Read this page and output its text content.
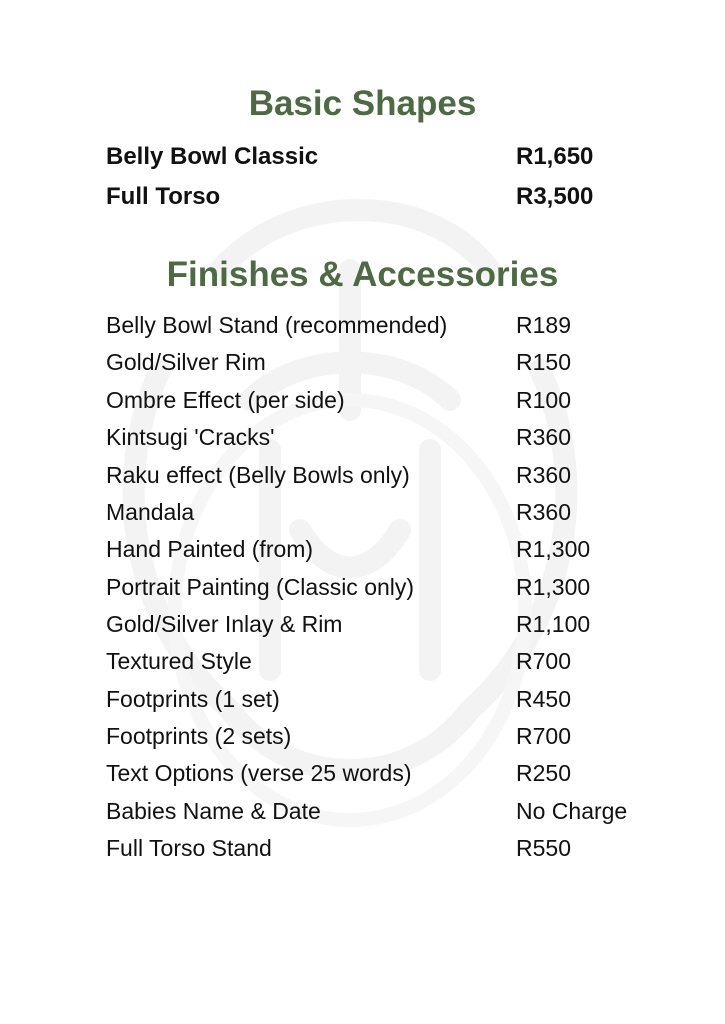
Basic Shapes
Belly Bowl Classic	R1,650
Full Torso	R3,500
Finishes & Accessories
Belly Bowl Stand (recommended)	R189
Gold/Silver Rim	R150
Ombre Effect (per side)	R100
Kintsugi 'Cracks'	R360
Raku effect (Belly Bowls only)	R360
Mandala	R360
Hand Painted (from)	R1,300
Portrait Painting (Classic only)	R1,300
Gold/Silver Inlay & Rim	R1,100
Textured Style	R700
Footprints (1 set)	R450
Footprints (2 sets)	R700
Text Options (verse 25 words)	R250
Babies Name & Date	No Charge
Full Torso Stand	R550
